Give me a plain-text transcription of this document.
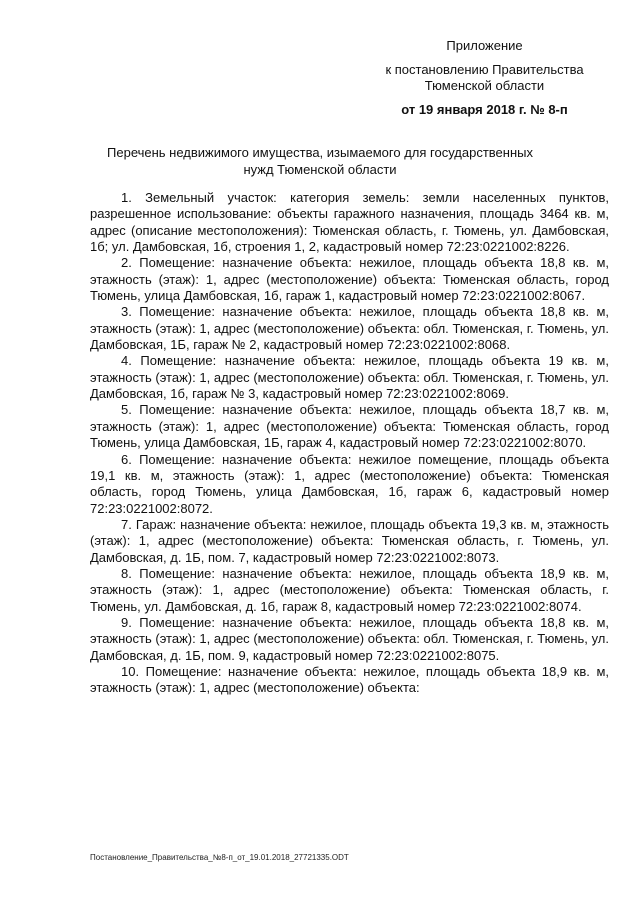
Приложение
к постановлению Правительства
Тюменской области
от 19 января 2018 г. № 8-п
Перечень недвижимого имущества, изымаемого для государственных
нужд Тюменской области

1. Земельный участок: категория земель: земли населенных пунктов, разрешенное использование: объекты гаражного назначения, площадь 3464 кв. м, адрес (описание местоположения): Тюменская область, г. Тюмень, ул. Дамбовская, 1б; ул. Дамбовская, 1б, строения 1, 2, кадастровый номер 72:23:0221002:8226.

2. Помещение: назначение объекта: нежилое, площадь объекта 18,8 кв. м, этажность (этаж): 1, адрес (местоположение) объекта: Тюменская область, город Тюмень, улица Дамбовская, 1б, гараж 1, кадастровый номер 72:23:0221002:8067.

3. Помещение: назначение объекта: нежилое, площадь объекта 18,8 кв. м, этажность (этаж): 1, адрес (местоположение) объекта: обл. Тюменская, г. Тюмень, ул. Дамбовская, 1Б, гараж № 2, кадастровый номер 72:23:0221002:8068.

4. Помещение: назначение объекта: нежилое, площадь объекта 19 кв. м, этажность (этаж): 1, адрес (местоположение) объекта: обл. Тюменская, г. Тюмень, ул. Дамбовская, 1б, гараж № 3, кадастровый номер 72:23:0221002:8069.

5. Помещение: назначение объекта: нежилое, площадь объекта 18,7 кв. м, этажность (этаж): 1, адрес (местоположение) объекта: Тюменская область, город Тюмень, улица Дамбовская, 1Б, гараж 4, кадастровый номер 72:23:0221002:8070.

6. Помещение: назначение объекта: нежилое помещение, площадь объекта 19,1 кв. м, этажность (этаж): 1, адрес (местоположение) объекта: Тюменская область, город Тюмень, улица Дамбовская, 1б, гараж 6, кадастровый номер 72:23:0221002:8072.

7. Гараж: назначение объекта: нежилое, площадь объекта 19,3 кв. м, этажность (этаж): 1, адрес (местоположение) объекта: Тюменская область, г. Тюмень, ул. Дамбовская, д. 1Б, пом. 7, кадастровый номер 72:23:0221002:8073.

8. Помещение: назначение объекта: нежилое, площадь объекта 18,9 кв. м, этажность (этаж): 1, адрес (местоположение) объекта: Тюменская область, г. Тюмень, ул. Дамбовская, д. 1б, гараж 8, кадастровый номер 72:23:0221002:8074.

9. Помещение: назначение объекта: нежилое, площадь объекта 18,8 кв. м, этажность (этаж): 1, адрес (местоположение) объекта: обл. Тюменская, г. Тюмень, ул. Дамбовская, д. 1Б, пом. 9, кадастровый номер 72:23:0221002:8075.

10. Помещение: назначение объекта: нежилое, площадь объекта 18,9 кв. м, этажность (этаж): 1, адрес (местоположение) объекта:

Постановление_Правительства_№8-п_от_19.01.2018_27721335.ODT
